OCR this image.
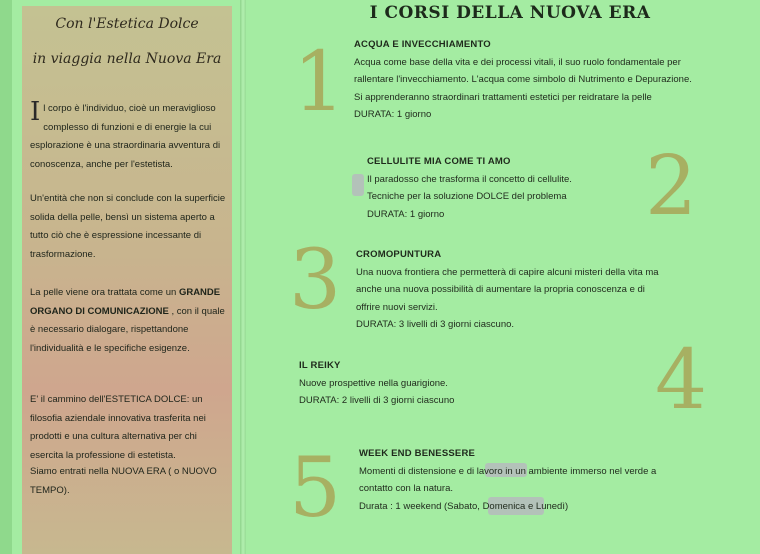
Con l'Estetica Dolce
in viaggia nella Nuova Era
Il corpo è l'individuo, cioè un meraviglioso complesso di funzioni e di energie la cui esplorazione è una straordinaria avventura di conoscenza, anche per l'estetista.
Un'entità che non si conclude con la superficie solida della pelle, bensì un sistema aperto a tutto ciò che è espressione incessante di trasformazione.
La pelle viene ora trattata come un GRANDE ORGANO DI COMUNICAZIONE , con il quale è necessario dialogare, rispettandone l'individualità e le specifiche esigenze.
E' il cammino dell'ESTETICA DOLCE: un filosofia aziendale innovativa trasferita nei prodotti e una cultura alternativa per chi esercita la professione di estetista.
Siamo entrati nella NUOVA ERA ( o NUOVO TEMPO).
I CORSI DELLA NUOVA ERA
1 ACQUA E INVECCHIAMENTO
Acqua come base della vita e dei processi vitali, il suo ruolo fondamentale per
rallentare l'invecchiamento. L'acqua come simbolo di Nutrimento e Depurazione.
Si apprenderanno straordinari trattamenti estetici per reidratare la pelle
DURATA: 1 giorno
2
CELLULITE MIA COME TI AMO
Il paradosso che trasforma il concetto di cellulite.
Tecniche per la soluzione DOLCE del problema
DURATA: 1 giorno
3 CROMOPUNTURA
Una nuova frontiera che permetterà di capire alcuni misteri della vita ma
anche una nuova possibilità di aumentare la propria conoscenza e di
offrire nuovi servizi.
DURATA: 3 livelli di 3 giorni ciascuno.
4
IL REIKY
Nuove prospettive nella guarigione.
DURATA: 2 livelli di 3 giorni ciascuno
5 WEEK END BENESSERE
Momenti di distensione e di lavoro in un ambiente immerso nel verde a
contatto con la natura.
Durata : 1 weekend (Sabato, Domenica e Lunedì)
